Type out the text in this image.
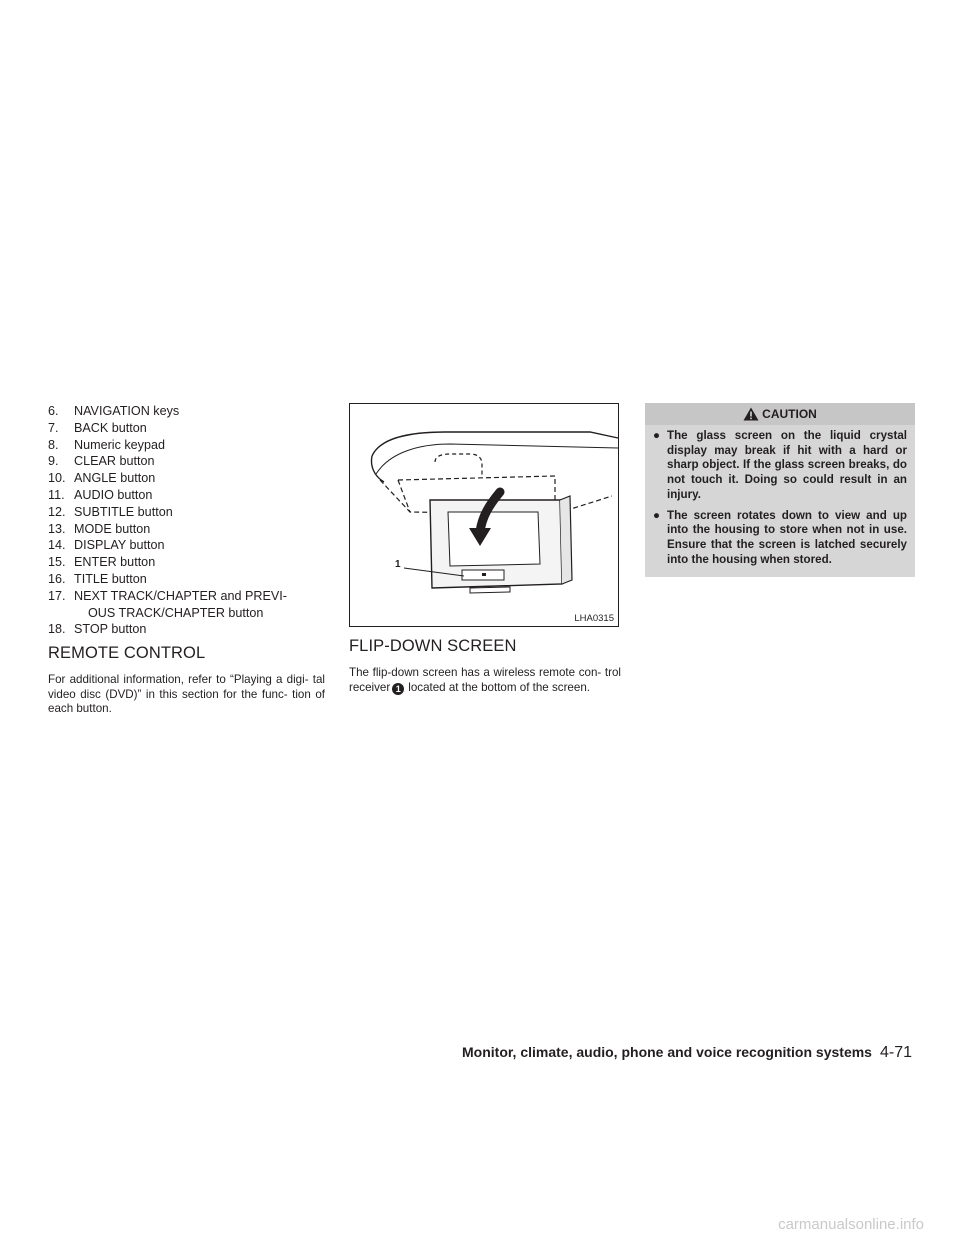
6. NAVIGATION keys
7. BACK button
8. Numeric keypad
9. CLEAR button
10. ANGLE button
11. AUDIO button
12. SUBTITLE button
13. MODE button
14. DISPLAY button
15. ENTER button
16. TITLE button
17. NEXT TRACK/CHAPTER and PREVI-
OUS TRACK/CHAPTER button
18. STOP button
REMOTE CONTROL

For additional information, refer to “Playing a digi- tal video disc (DVD)” in this section for the func- tion of each button.

1
LHA0315
FLIP-DOWN SCREEN

The flip-down screen has a wireless remote con- trol receiver 1 located at the bottom of the screen.

CAUTION
● The glass screen on the liquid crystal display may break if hit with a hard or sharp object. If the glass screen breaks, do not touch it. Doing so could result in an injury.
● The screen rotates down to view and up into the housing to store when not in use. Ensure that the screen is latched securely into the housing when stored.
Monitor, climate, audio, phone and voice recognition systems 4-71
carmanualsonline.info
